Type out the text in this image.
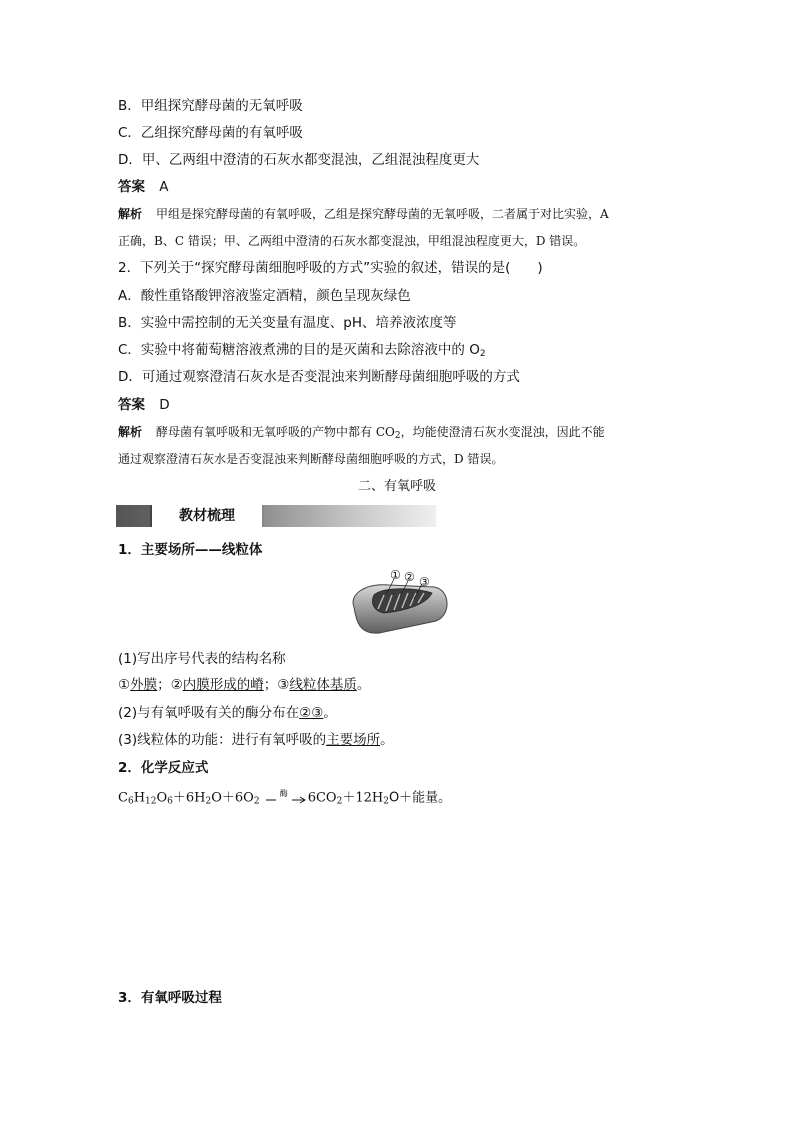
B．甲组探究酵母菌的无氧呼吸
C．乙组探究酵母菌的有氧呼吸
D．甲、乙两组中澄清的石灰水都变混浊，乙组混浊程度更大
答案 A
解析 甲组是探究酵母菌的有氧呼吸，乙组是探究酵母菌的无氧呼吸，二者属于对比实验，A
正确，B、C 错误；甲、乙两组中澄清的石灰水都变混浊，甲组混浊程度更大，D 错误。
2．下列关于“探究酵母菌细胞呼吸的方式”实验的叙述，错误的是(　　)
A．酸性重铬酸钾溶液鉴定酒精，颜色呈现灰绿色
B．实验中需控制的无关变量有温度、pH、培养液浓度等
C．实验中将葡萄糖溶液煮沸的目的是灭菌和去除溶液中的 $O_2$
D．可通过观察澄清石灰水是否变混浊来判断酵母菌细胞呼吸的方式
答案 D
解析 酵母菌有氧呼吸和无氧呼吸的产物中都有 $CO_2$，均能使澄清石灰水变混浊，因此不能
通过观察澄清石灰水是否变混浊来判断酵母菌细胞呼吸的方式，D 错误。
二、有氧呼吸
教材梳理
1．主要场所——线粒体
① ② ③
(1)写出序号代表的结构名称
①外膜；②内膜形成的嵴；③线粒体基质。
(2)与有氧呼吸有关的酶分布在②③。
(3)线粒体的功能：进行有氧呼吸的主要场所。
2．化学反应式
$C_6H_{12}O_6+6H_2O+6O_2$
酶 $6CO_2+12H_2O+$能量。
3．有氧呼吸过程
